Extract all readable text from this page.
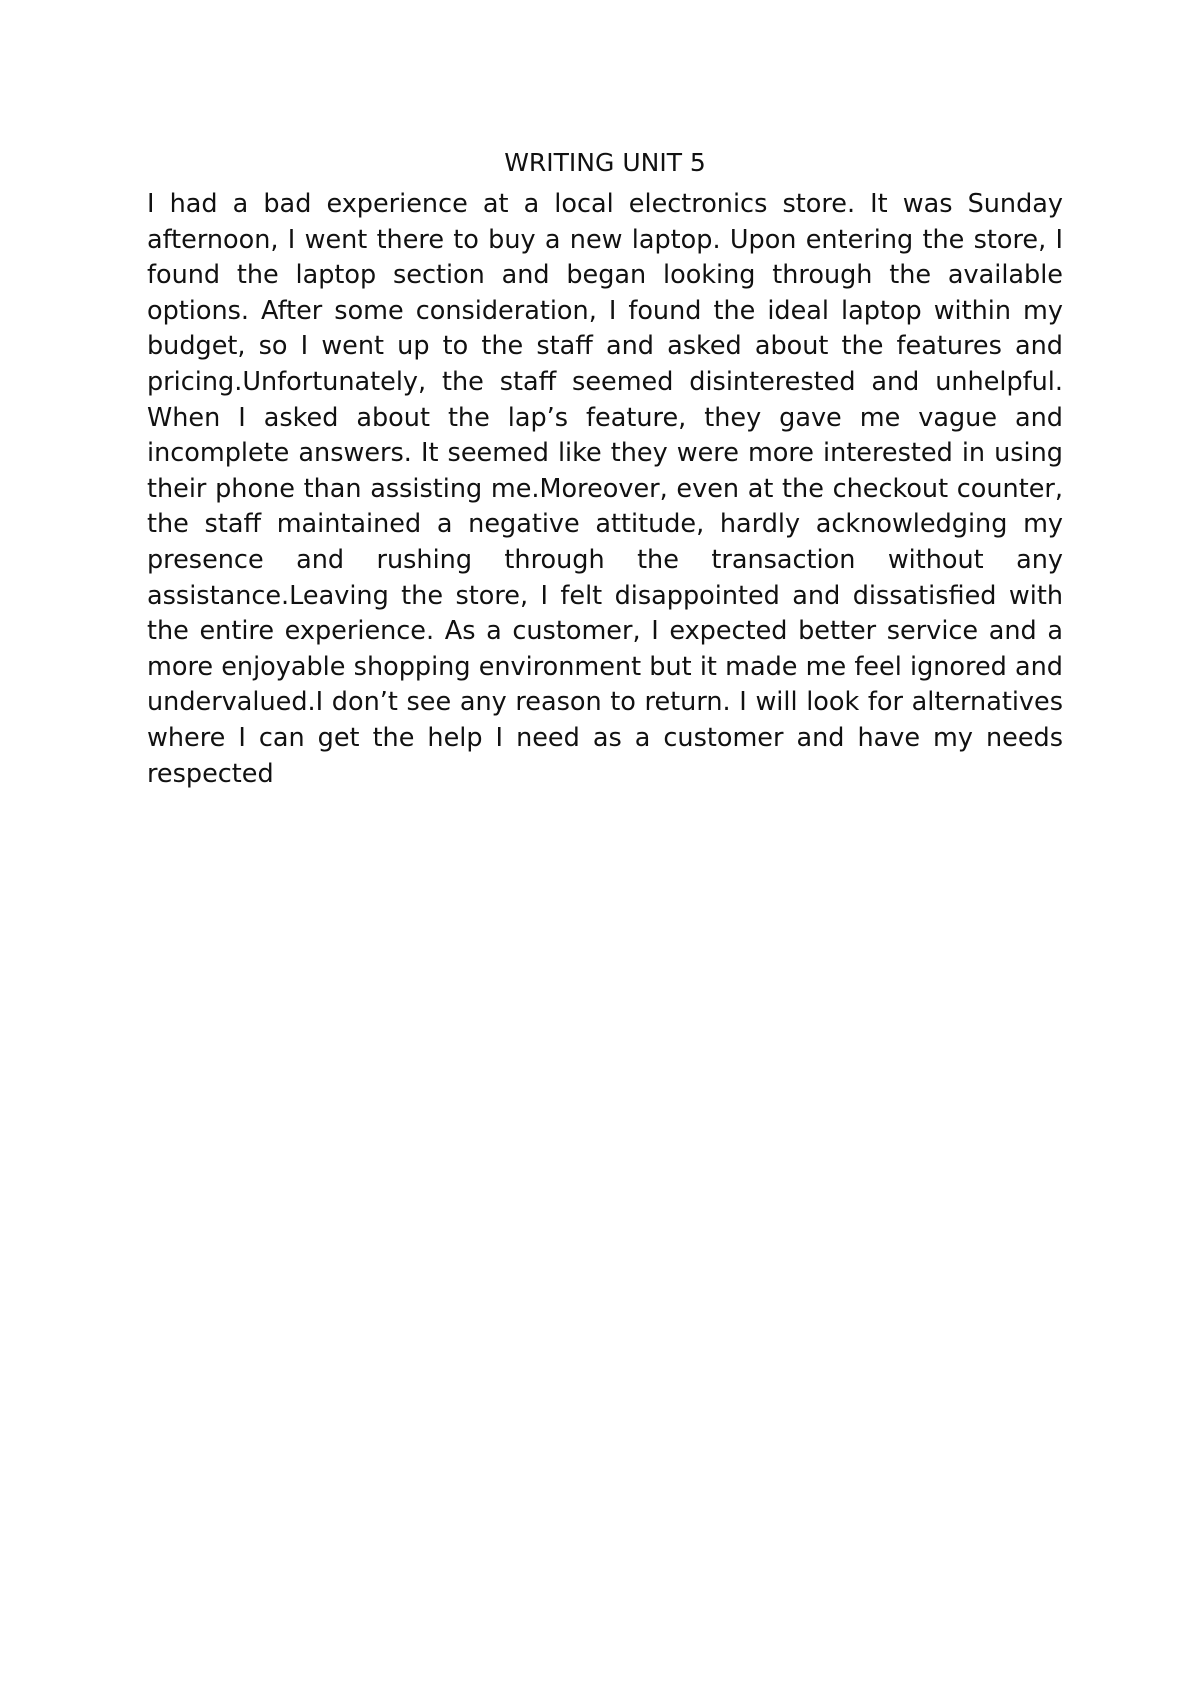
WRITING UNIT 5

I had a bad experience at a local electronics store. It was Sunday afternoon, I went there to buy a new laptop. Upon entering the store, I found the laptop section and began looking through the available options. After some consideration, I found the ideal laptop within my budget, so I went up to the staff and asked about the features and pricing.Unfortunately, the staff seemed disinterested and unhelpful. When I asked about the lap’s feature, they gave me vague and incomplete answers. It seemed like they were more interested in using their phone than assisting me.Moreover, even at the checkout counter, the staff maintained a negative attitude, hardly acknowledging my presence and rushing through the transaction without any assistance.Leaving the store, I felt disappointed and dissatisfied with the entire experience. As a customer, I expected better service and a more enjoyable shopping environment but it made me feel ignored and undervalued.I don’t see any reason to return. I will look for alternatives where I can get the help I need as a customer and have my needs respected
